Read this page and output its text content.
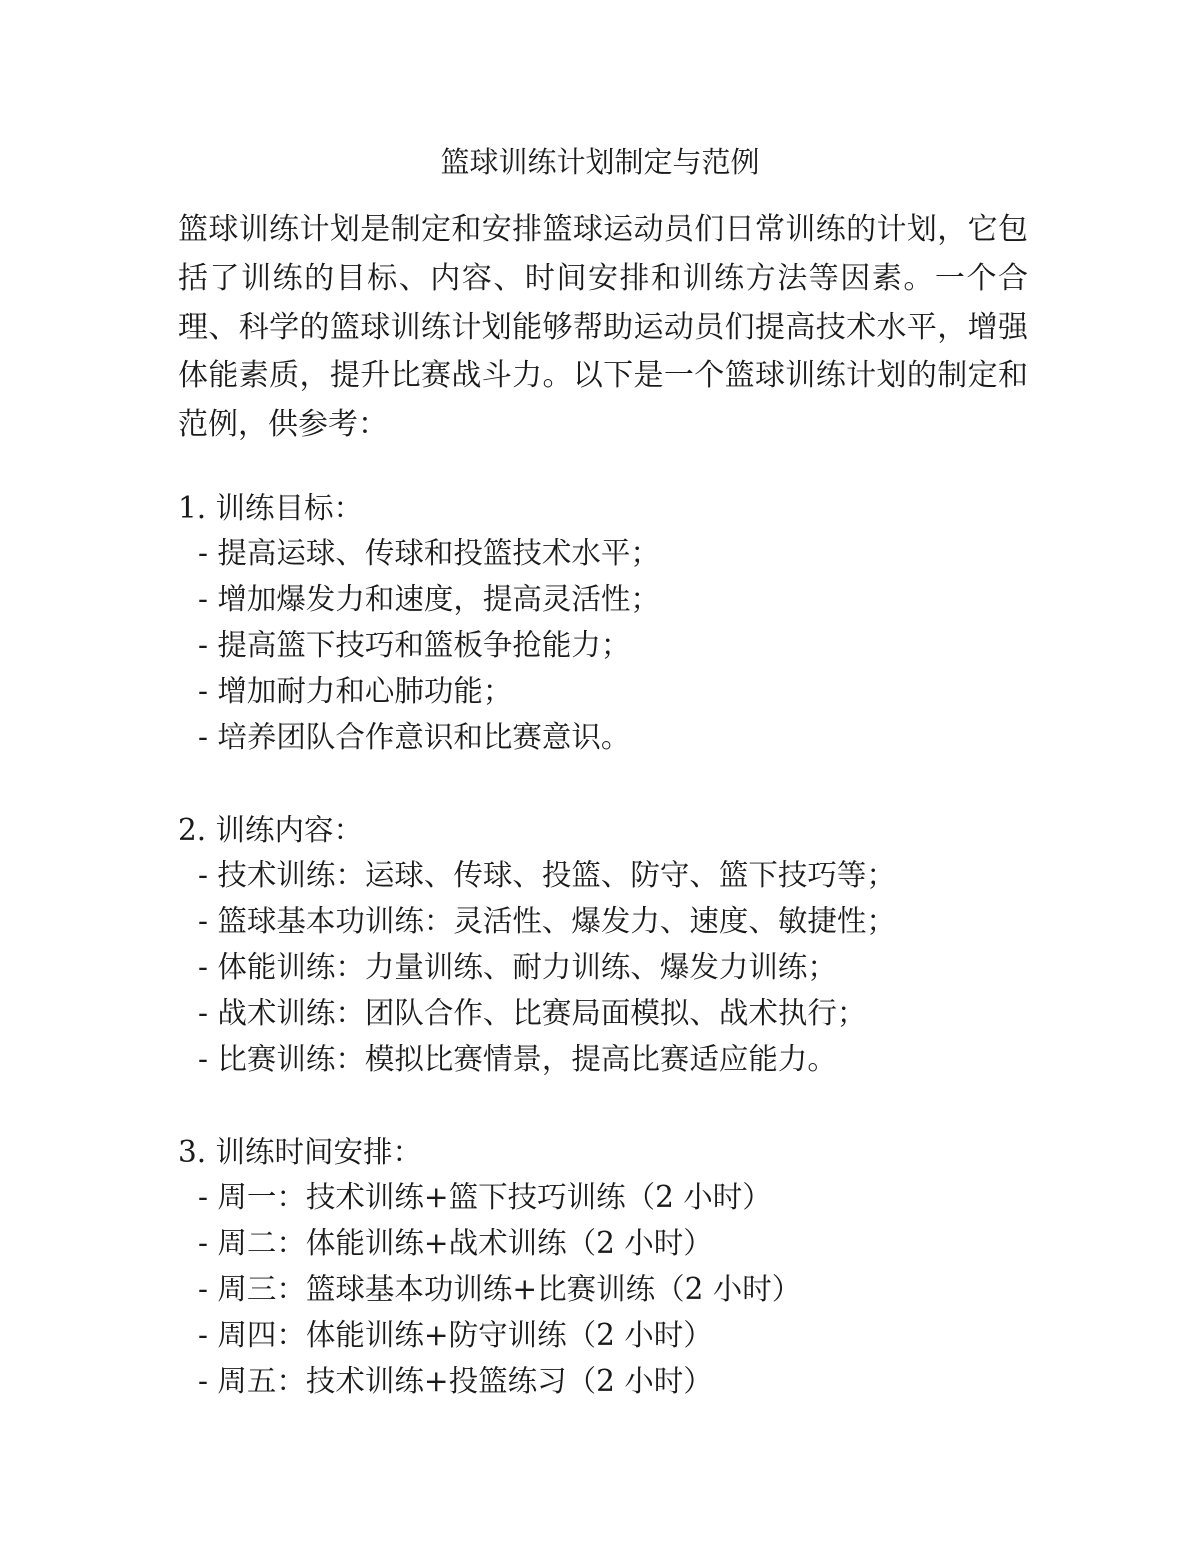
篮球训练计划制定与范例

篮球训练计划是制定和安排篮球运动员们日常训练的计划，它包括了训练的目标、内容、时间安排和训练方法等因素。一个合理、科学的篮球训练计划能够帮助运动员们提高技术水平，增强体能素质，提升比赛战斗力。以下是一个篮球训练计划的制定和范例，供参考：

1. 训练目标：

- 提高运球、传球和投篮技术水平；

- 增加爆发力和速度，提高灵活性；

- 提高篮下技巧和篮板争抢能力；

- 增加耐力和心肺功能；

- 培养团队合作意识和比赛意识。

2. 训练内容：

- 技术训练：运球、传球、投篮、防守、篮下技巧等；

- 篮球基本功训练：灵活性、爆发力、速度、敏捷性；

- 体能训练：力量训练、耐力训练、爆发力训练；

- 战术训练：团队合作、比赛局面模拟、战术执行；

- 比赛训练：模拟比赛情景，提高比赛适应能力。

3. 训练时间安排：

- 周一：技术训练+篮下技巧训练（2 小时）

- 周二：体能训练+战术训练（2 小时）

- 周三：篮球基本功训练+比赛训练（2 小时）

- 周四：体能训练+防守训练（2 小时）

- 周五：技术训练+投篮练习（2 小时）
